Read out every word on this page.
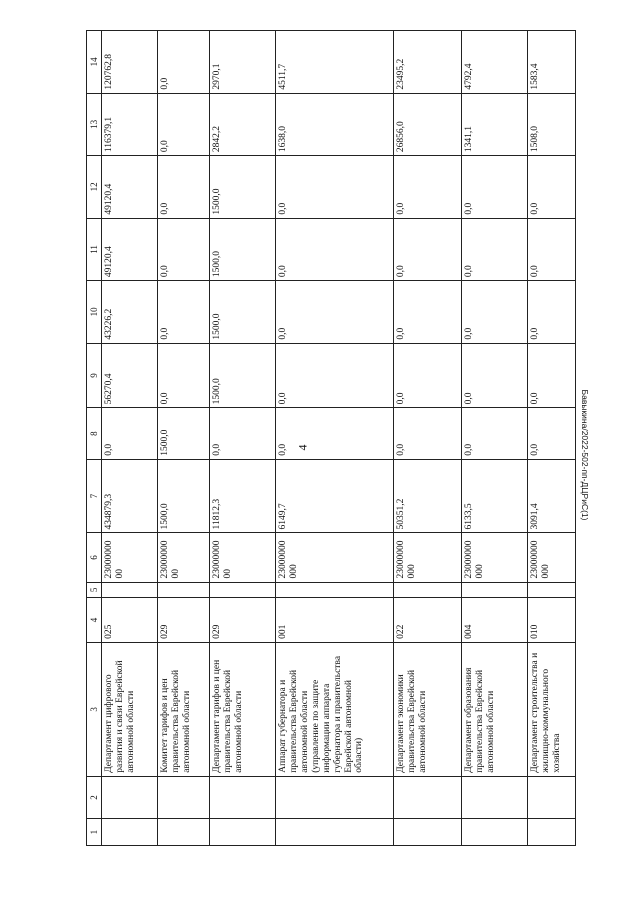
4	Бавыкина/2022-502-пп-ДЦРиС(1)
1	2	3	4	5	6	7	8	9	10	11	12	13	14
		Департамент цифрового развития и связи Еврейской автономной области	025		2300000000	434879,3	0,0	56270,4	43226,2	49120,4	49120,4	116379,1	120762,8
		Комитет тарифов и цен правительства Еврейской автономной области	029		2300000000	1500,0	1500,0	0,0	0,0	0,0	0,0	0,0	0,0
		Департамент тарифов и цен правительства Еврейской автономной области	029		2300000000	11812,3	0,0	1500,0	1500,0	1500,0	1500,0	2842,2	2970,1
		Аппарат губернатора и правительства Еврейской автономной области (управление по защите информации аппарата губернатора и правительства Еврейской автономной области)	001		23000000000	6149,7	0,0	0,0	0,0	0,0	0,0	1638,0	4511,7
		Департамент экономики правительства Еврейской автономной области	022		23000000000	50351,2	0,0	0,0	0,0	0,0	0,0	26856,0	23495,2
		Департамент образования правительства Еврейской автономной области	004		23000000000	6133,5	0,0	0,0	0,0	0,0	0,0	1341,1	4792,4
		Департамент строительства и жилищно-коммунального хозяйства	010		23000000000	3091,4	0,0	0,0	0,0	0,0	0,0	1508,0	1583,4
